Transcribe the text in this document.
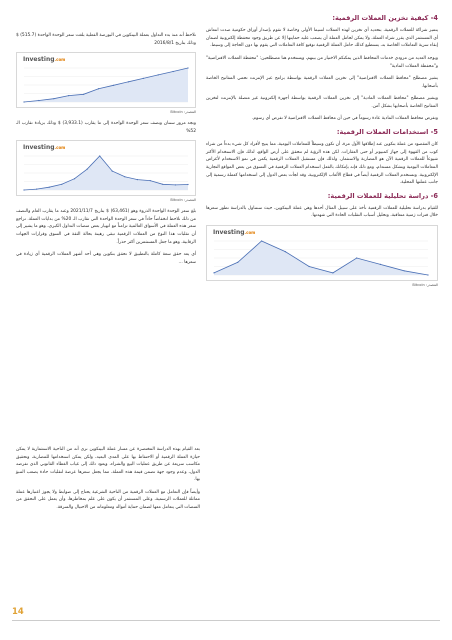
4- كيفية تخزين العملات الرقمية:

يتميز شراكة للعملات الرقمية، بتحديد أي تخزين لهذه العملات لسيما الأولى وخاصة لا تقوم بإصدار أوراق حكومية صدت انتعاش أي المستثمر الذي يقرر شراء العملة، ولا يمكن لحامل العملة أن يصعب عليه حمايتها إلا عن طريق وجود محفظة إلكترونية لضمان إبقاء سرية التعاملات الخاصة به، يستطيع كذلك حامل العملة الرقمية توقيع كافة التعاملات التي يقوم بها دون الحاجة إلى وسيط.

ويوجد العديد من مزودي خدمات المحافظ الذين يمكنكم الاختيار من بينهم، ويستخدم هنا مصطلحين: "محفظة العملات الافتراضية" و"محفظة العملات المادية"

يشير مصطلح "محافظ العملات الافتراضية" إلى تخزين العملات الرقمية بواسطة برامج عبر الإنترنت تحمي المفاتيح الخاصة بأصحابها.

ويشير مصطلح "محافظ العملات المادية" إلى تخزين العملات الرقمية بواسطة أجهزة إلكترونية غير متصلة بالإنترنت لتخزين المفاتيح الخاصة بأصحابها بشكل آمن.

وتفرض محافظ العملات المادية عادة رسوماً في حين أن محافظ العملات الافتراضية لا تفرض أي رسوم.

5- استخدامات العملات الرقمية:

كان المقصود من عملة بتكوين عند إطلاقها الأول مرة، أن تكون وسيطاً للمعاملات اليومية، مما يتيح لأفراد كل شيء بدءاً من شراء كوب من القهوة إلى جهاز كمبيوتر أو حتى العقارات. لكن هذه الرؤية لم تتحقق على أرض الواقع، لذلك فإن الاستخدام الأكثر شيوعاً للعملات الرقمية الآن هو المضاربة والاستثمار، ولذلك فإن مستقبل العملات الرقمية يكمن في نمو الاستخدام لأغراض المعاملات اليومية وبشكل مستدام، ومع ذلك فإنه بإمكانك بالفعل استخدام العملات الرقمية في التسوق من بعض المواقع التجارية الإلكترونية. وتستخدم العملات الرقمية أيضاً في قطاع الألعاب الإلكترونية، وقد لجأت بعض الدول إلى استخدامها كعملة رسمية إلى جانب عملتها المحلية.

6- دراسة تحليلية للعملات الرقمية:

للقيام بدراسة تحليلية للعملات الرقمية نأخذ على سبيل المثال أحدها وهي عملة البيتكوين، حيث سنتناول بالدراسة تطور سعرها خلال فترات زمنية متعاقبة، وتحليل أسباب التقلبات الحادة التي شهدتها.

Investing.com
المصدر: Bitcoin

نلاحظ أنه منذ بدء التداول بعملة البيتكوين في البورصة الفعلية بلغت سعر الوحدة الواحدة (515.7) $ وذلك بتاريخ 2016/8/1

Investing.com
المصدر: Bitcoin

ونجد مرور سنتان ونصف سعر الوحدة الواحدة إلى ما يقارب (3,933.1) $ وذلك بزيادة تقارب الـ 52%

Investing.com
المصدر: Bitcoin

بلغ سعر الوحدة الواحدة الذروة وهو (63,461) $ بتاريخ 2021/11/7 وعند ما يقارب العام والنصف من ذلك نلاحظ انخفاضاً حاداً في سعر الوحدة الواحدة التي تقارب الـ 20% من بدايات العملة. تراجع سعر هذه العملة في الأسواق العالمية تزامناً مع انهيار بعض منصات التداول الكبرى، وهو ما يشير إلى أن تقلبات هذا النوع من العملات الرقمية تبقى رهينة بحالة الثقة في السوق وقرارات الجهات الرقابية، وهو ما جعل المستثمرين أكثر حذراً.

أي يعد حقق سعة كاملة بالتطبيق لا تحقق بتكوين وهي أحد أشهر العملات الرقمية أي زيادة في سعرها ...

بعد القيام بهذه الدراسة المختصرة عن مسار عملة البيتكوين نرى أنه من الناحية الاستثمارية لا يمكن حيازة العملة الرقمية أو الاحتفاظ بها على المدى البعيد، ولكن يمكن استخدامها للمضاربة، وتحقيق مكاسب سريعة عن طريق عمليات البيع والشراء، ويعود ذلك إلى غياب الغطاء القانوني الذي تفرضه الدول، وعدم وجود جهة تضمن قيمة هذه العملة، مما يجعل سعرها عرضة لتقلبات حادة يصعب التنبؤ بها.

وأيضاً فإن التعامل مع العملات الرقمية من الناحية الشرعية يحتاج إلى ضوابط ولا يجوز اعتبارها عملة مماثلة للعملات الرسمية، وعلى المستثمر أن يكون على علم بمخاطرها، وأن يعمل على التحقق من المنصات التي يتعامل معها لضمان حماية أمواله ومعلوماته من الاحتيال والسرقة.

14
